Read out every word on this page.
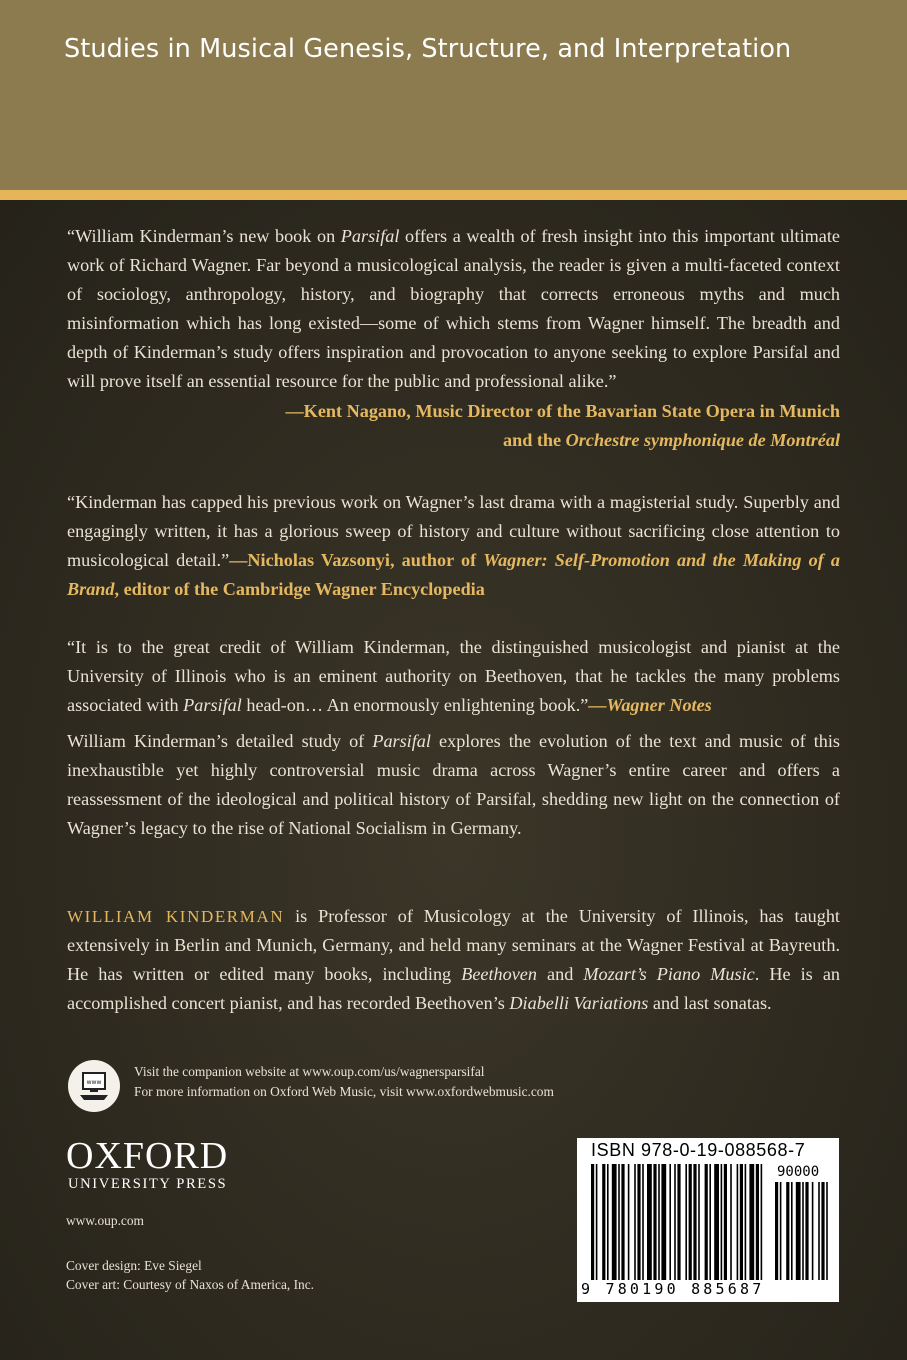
Studies in Musical Genesis, Structure, and Interpretation

“William Kinderman’s new book on Parsifal offers a wealth of fresh insight into this important ultimate work of Richard Wagner. Far beyond a musicological analysis, the reader is given a multi-faceted context of sociology, anthropology, history, and biography that corrects erroneous myths and much misinformation which has long existed—some of which stems from Wagner himself. The breadth and depth of Kinderman’s study offers inspiration and provocation to anyone seeking to explore Parsifal and will prove itself an essential resource for the public and professional alike.”

—Kent Nagano, Music Director of the Bavarian State Opera in Munich
and the Orchestre symphonique de Montréal

“Kinderman has capped his previous work on Wagner’s last drama with a magisterial study. Superbly and engagingly written, it has a glorious sweep of history and culture without sacrificing close attention to musicological detail.”—Nicholas Vazsonyi, author of Wagner: Self-Promotion and the Making of a Brand, editor of the Cambridge Wagner Encyclopedia

“It is to the great credit of William Kinderman, the distinguished musicologist and pianist at the University of Illinois who is an eminent authority on Beethoven, that he tackles the many problems associated with Parsifal head-on… An enormously enlightening book.”—Wagner Notes

William Kinderman’s detailed study of Parsifal explores the evolution of the text and music of this inexhaustible yet highly controversial music drama across Wagner’s entire career and offers a reassessment of the ideological and political history of Parsifal, shedding new light on the connection of Wagner’s legacy to the rise of National Socialism in Germany.

WILLIAM KINDERMAN is Professor of Musicology at the University of Illinois, has taught extensively in Berlin and Munich, Germany, and held many seminars at the Wagner Festival at Bayreuth. He has written or edited many books, including Beethoven and Mozart’s Piano Music. He is an accomplished concert pianist, and has recorded Beethoven’s Diabelli Variations and last sonatas.

www
Visit the companion website at www.oup.com/us/wagnersparsifal
For more information on Oxford Web Music, visit www.oxfordwebmusic.com
OXFORD
UNIVERSITY PRESS
www.oup.com
Cover design: Eve Siegel
Cover art: Courtesy of Naxos of America, Inc.
ISBN 978-0-19-088568-7
90000
9 780190 885687
